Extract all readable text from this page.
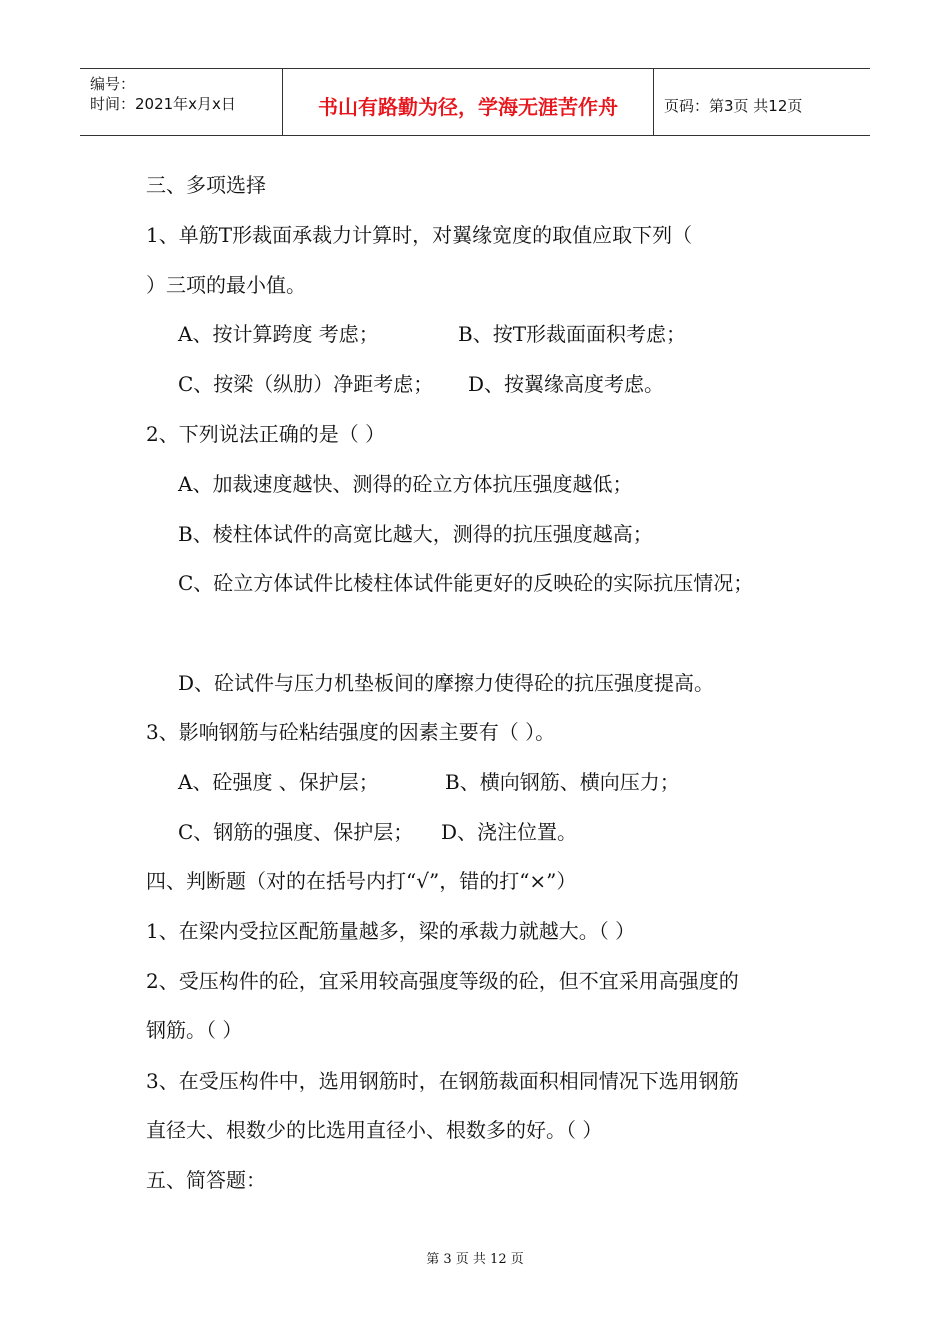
编号：
时间：2021年x月x日	书山有路勤为径，学海无涯苦作舟	页码：第3页 共12页
三、多项选择
1、单筋T形裁面承裁力计算时，对翼缘宽度的取值应取下列（
）三项的最小值。
A、按计算跨度 考虑；	B、按T形裁面面积考虑；
C、按梁（纵肋）净距考虑； D、按翼缘高度考虑。
2、下列说法正确的是（ ）
A、加裁速度越快、测得的砼立方体抗压强度越低；
B、棱柱体试件的高宽比越大，测得的抗压强度越高；
C、砼立方体试件比棱柱体试件能更好的反映砼的实际抗压情况；
D、砼试件与压力机垫板间的摩擦力使得砼的抗压强度提高。
3、影响钢筋与砼粘结强度的因素主要有（ ）。
A、砼强度 、保护层；	B、横向钢筋、横向压力；
C、钢筋的强度、保护层； D、浇注位置。
四、判断题（对的在括号内打“√”，错的打“×”）
1、在梁内受拉区配筋量越多，梁的承裁力就越大。（ ）
2、受压构件的砼，宜采用较高强度等级的砼，但不宜采用高强度的
钢筋。（ ）
3、在受压构件中，选用钢筋时，在钢筋裁面积相同情况下选用钢筋
直径大、根数少的比选用直径小、根数多的好。（ ）
五、简答题：
第 3 页 共 12 页
